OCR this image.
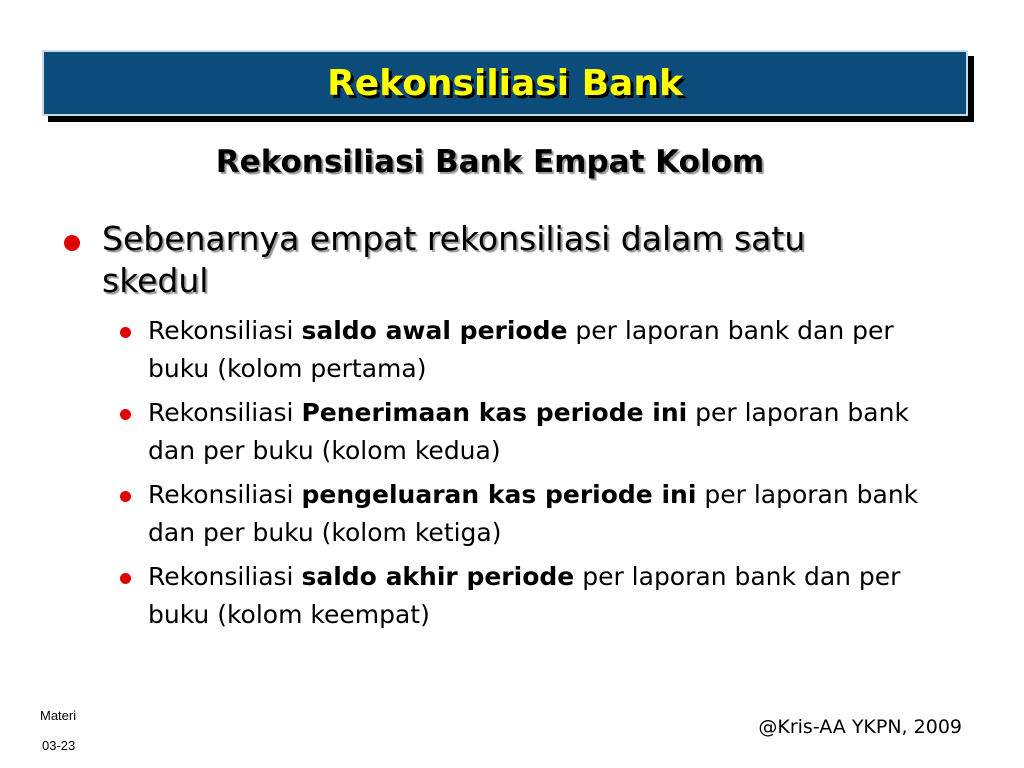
Rekonsiliasi Bank
Rekonsiliasi Bank Empat Kolom
Sebenarnya empat rekonsiliasi dalam satu skedul
Rekonsiliasi saldo awal periode per laporan bank dan per buku (kolom pertama)
Rekonsiliasi Penerimaan kas periode ini per laporan bank dan per buku (kolom kedua)
Rekonsiliasi pengeluaran kas periode ini per laporan bank dan per buku (kolom ketiga)
Rekonsiliasi saldo akhir periode per laporan bank dan per buku (kolom keempat)
Materi
03-23
@Kris-AA YKPN, 2009
